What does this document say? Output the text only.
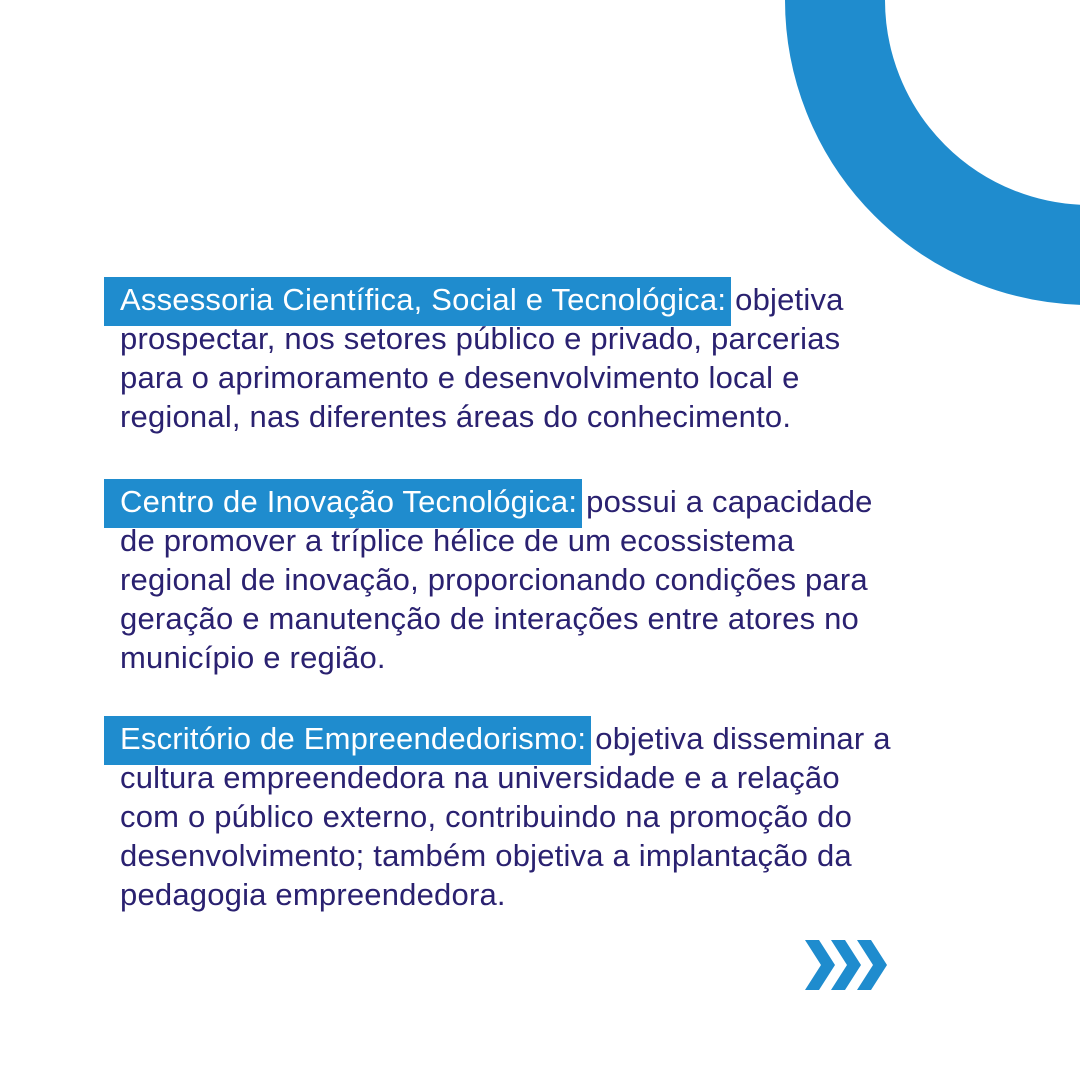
Assessoria Científica, Social e Tecnológica: objetiva
prospectar, nos setores público e privado, parcerias
para o aprimoramento e desenvolvimento local e
regional, nas diferentes áreas do conhecimento.
Centro de Inovação Tecnológica: possui a capacidade
de promover a tríplice hélice de um ecossistema
regional de inovação, proporcionando condições para
geração e manutenção de interações entre atores no
município e região.
Escritório de Empreendedorismo: objetiva disseminar a
cultura empreendedora na universidade e a relação
com o público externo, contribuindo na promoção do
desenvolvimento; também objetiva a implantação da
pedagogia empreendedora.
